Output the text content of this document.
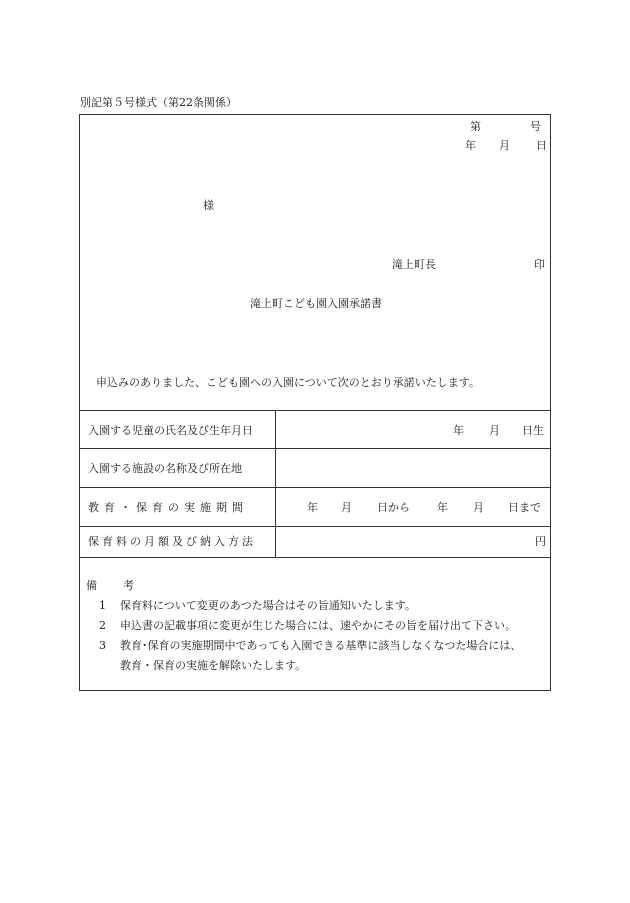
別記第５号様式（第22条関係）
第	号
年 月 日
様
滝上町長	印
滝上町こども園入園承諾書
申込みのありました、こども園への入園について次のとおり承諾いたします。
入園する児童の氏名及び生年月日	年 月 日生
入園する施設の名称及び所在地
教育・保育の実施期間	年 月 日から 年 月 日まで
保育料の月額及び納入方法	円
備 考
1 保育料について変更のあつた場合はその旨通知いたします。
2 申込書の記載事項に変更が生じた場合には、速やかにその旨を届け出て下さい。
3 教育･保育の実施期間中であっても入園できる基準に該当しなくなつた場合には、
教育・保育の実施を解除いたします。
